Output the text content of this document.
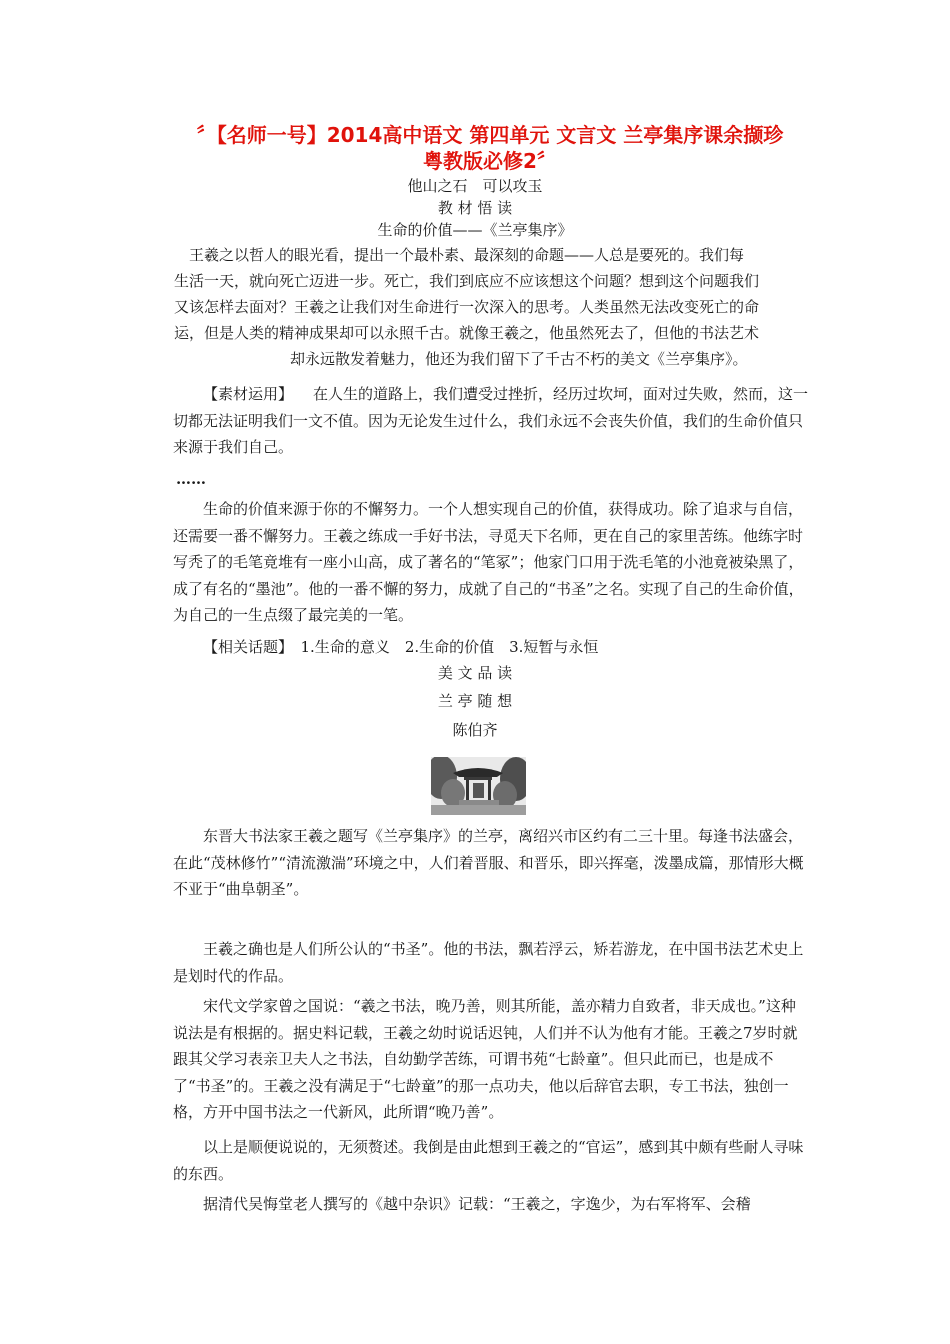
〞【名师一号】2014高中语文 第四单元 文言文 兰亭集序课余撷珍
粤教版必修2〞
他山之石　可以攻玉
教 材 悟 读
生命的价值——《兰亭集序》
王羲之以哲人的眼光看，提出一个最朴素、最深刻的命题——人总是要死的。我们每
生活一天，就向死亡迈进一步。死亡，我们到底应不应该想这个问题？想到这个问题我们
又该怎样去面对？王羲之让我们对生命进行一次深入的思考。人类虽然无法改变死亡的命
运，但是人类的精神成果却可以永照千古。就像王羲之，他虽然死去了，但他的书法艺术
却永远散发着魅力，他还为我们留下了千古不朽的美文《兰亭集序》。

【素材运用】 在人生的道路上，我们遭受过挫折，经历过坎坷，面对过失败，然而，这一切都无法证明我们一文不值。因为无论发生过什么，我们永远不会丧失价值，我们的生命价值只来源于我们自己。

……

生命的价值来源于你的不懈努力。一个人想实现自己的价值，获得成功。除了追求与自信，还需要一番不懈努力。王羲之练成一手好书法，寻觅天下名师，更在自己的家里苦练。他练字时写秃了的毛笔竟堆有一座小山高，成了著名的“笔冢”；他家门口用于洗毛笔的小池竟被染黑了，成了有名的“墨池”。他的一番不懈的努力，成就了自己的“书圣”之名。实现了自己的生命价值，为自己的一生点缀了最完美的一笔。

【相关话题】　1.生命的意义　2.生命的价值　3.短暂与永恒
美 文 品 读
兰 亭 随 想
陈伯齐

东晋大书法家王羲之题写《兰亭集序》的兰亭，离绍兴市区约有二三十里。每逢书法盛会，在此“茂林修竹”“清流激湍”环境之中，人们着晋服、和晋乐，即兴挥毫，泼墨成篇，那情形大概不亚于“曲阜朝圣”。

王羲之确也是人们所公认的“书圣”。他的书法，飘若浮云，矫若游龙，在中国书法艺术史上是划时代的作品。

宋代文学家曾之国说：“羲之书法，晚乃善，则其所能，盖亦精力自致者，非天成也。”这种说法是有根据的。据史料记载，王羲之幼时说话迟钝，人们并不认为他有才能。王羲之7岁时就跟其父学习表亲卫夫人之书法，自幼勤学苦练，可谓书苑“七龄童”。但只此而已，也是成不了“书圣”的。王羲之没有满足于“七龄童”的那一点功夫，他以后辞官去职，专工书法，独创一格，方开中国书法之一代新风，此所谓“晚乃善”。

以上是顺便说说的，无须赘述。我倒是由此想到王羲之的“官运”，感到其中颇有些耐人寻味的东西。

据清代吴悔堂老人撰写的《越中杂识》记载：“王羲之，字逸少，为右军将军、会稽
